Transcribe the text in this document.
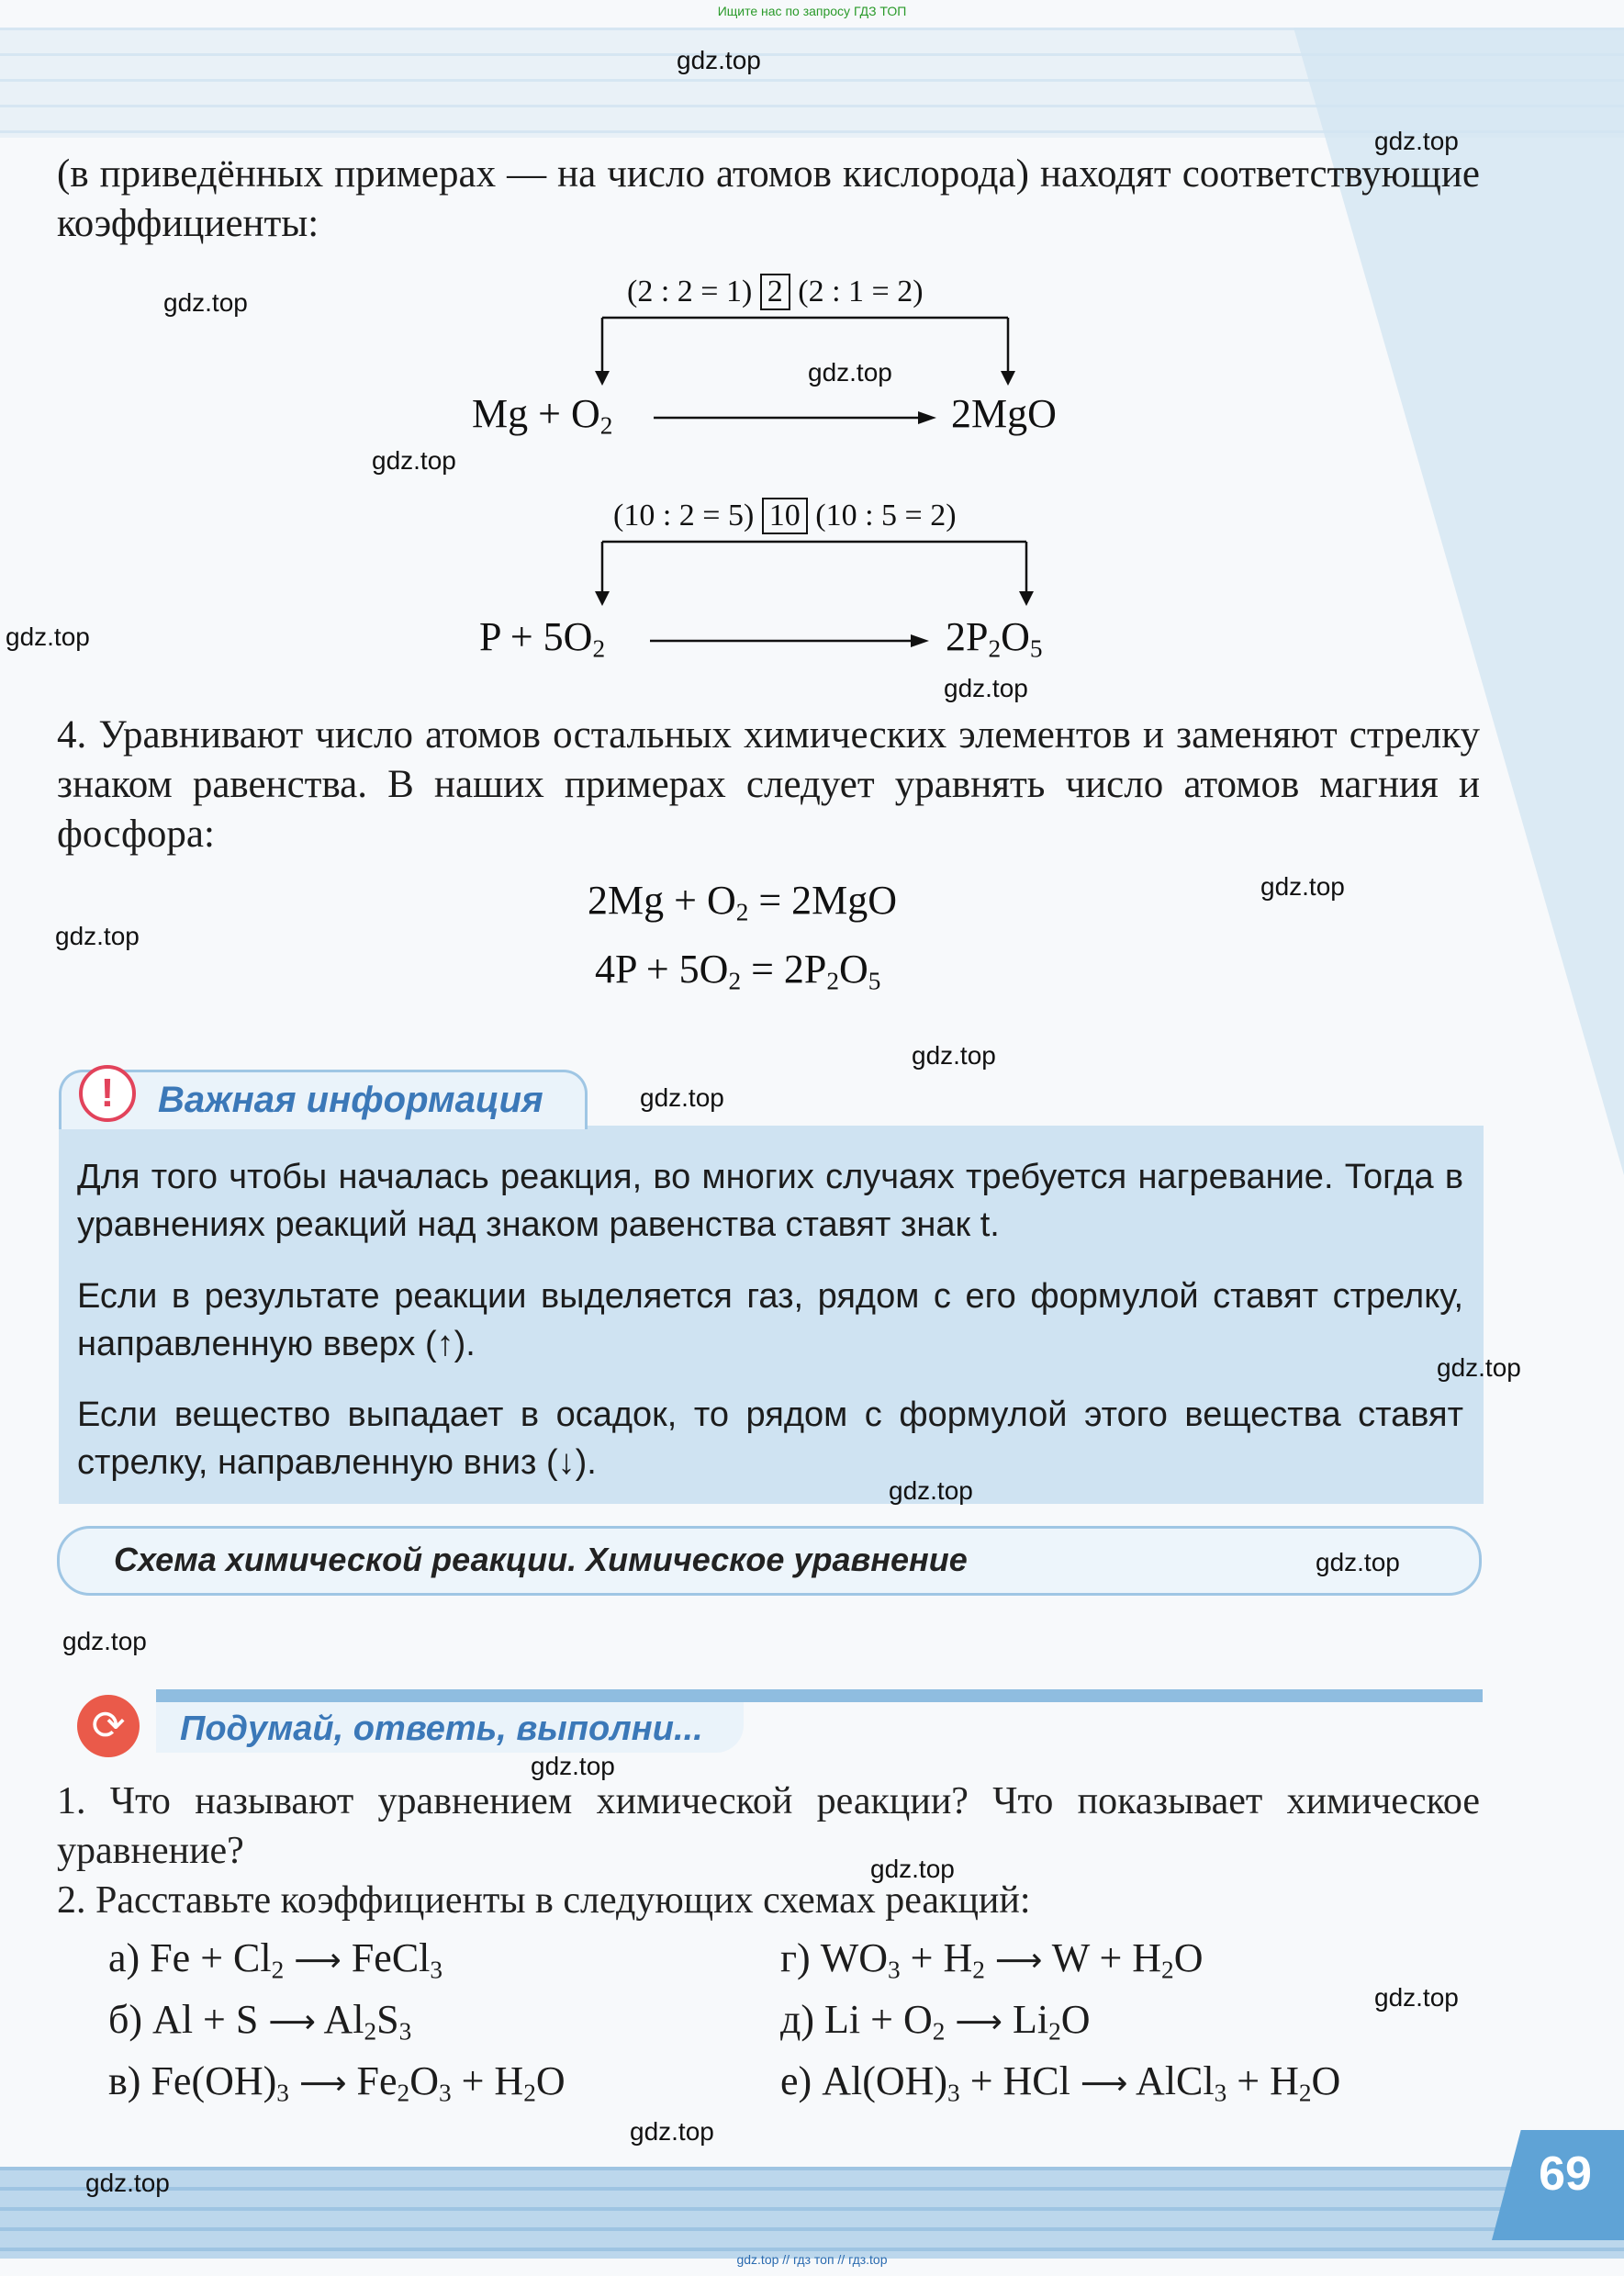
69
Ищите нас по запросу ГДЗ ТОП
gdz.top // гдз топ // гдз.top
(в приведённых примерах — на число атомов кислорода) находят соответствующие коэффициенты:
(2 : 2 = 1) 2 (2 : 1 = 2)
$Mg + O_2$	2MgO
(10 : 2 = 5) 10 (10 : 5 = 2)
$P + 5O_2$	$2P_2O_5$
4. Уравнивают число атомов остальных химических элементов и заменяют стрелку знаком равенства. В наших примерах следует уравнять число атомов магния и фосфора:
$2Mg + O_2 = 2MgO$
$4P + 5O_2 = 2P_2O_5$
!	Важная информация
Для того чтобы началась реакция, во многих случаях требуется нагревание. Тогда в уравнениях реакций над знаком равенства ставят знак t.
Если в результате реакции выделяется газ, рядом с его формулой ставят стрелку, направленную вверх (↑).
Если вещество выпадает в осадок, то рядом с формулой этого вещества ставят стрелку, направленную вниз (↓).
Схема химической реакции. Химическое уравнение
⟳	Подумай, ответь, выполни...
1. Что называют уравнением химической реакции? Что показывает химическое уравнение?
2. Расставьте коэффициенты в следующих схемах реакций:
а) $Fe + Cl_2$ ⟶ FeCl$_3$
б) Al + S ⟶ $Al_2S_3$
в) $Fe(OH)_3$ ⟶ $Fe_2O_3 + H_2O$
г) $WO_3 + H_2$ ⟶ $W + H_2O$
д) $Li + O_2$ ⟶ $Li_2O$
е) $Al(OH)_3$ + HCl ⟶ AlCl$_3$ + $H_2O$
gdz.top
gdz.top
gdz.top
gdz.top
gdz.top
gdz.top
gdz.top
gdz.top
gdz.top
gdz.top
gdz.top
gdz.top
gdz.top
gdz.top
gdz.top
gdz.top
gdz.top
gdz.top
gdz.top
gdz.top
